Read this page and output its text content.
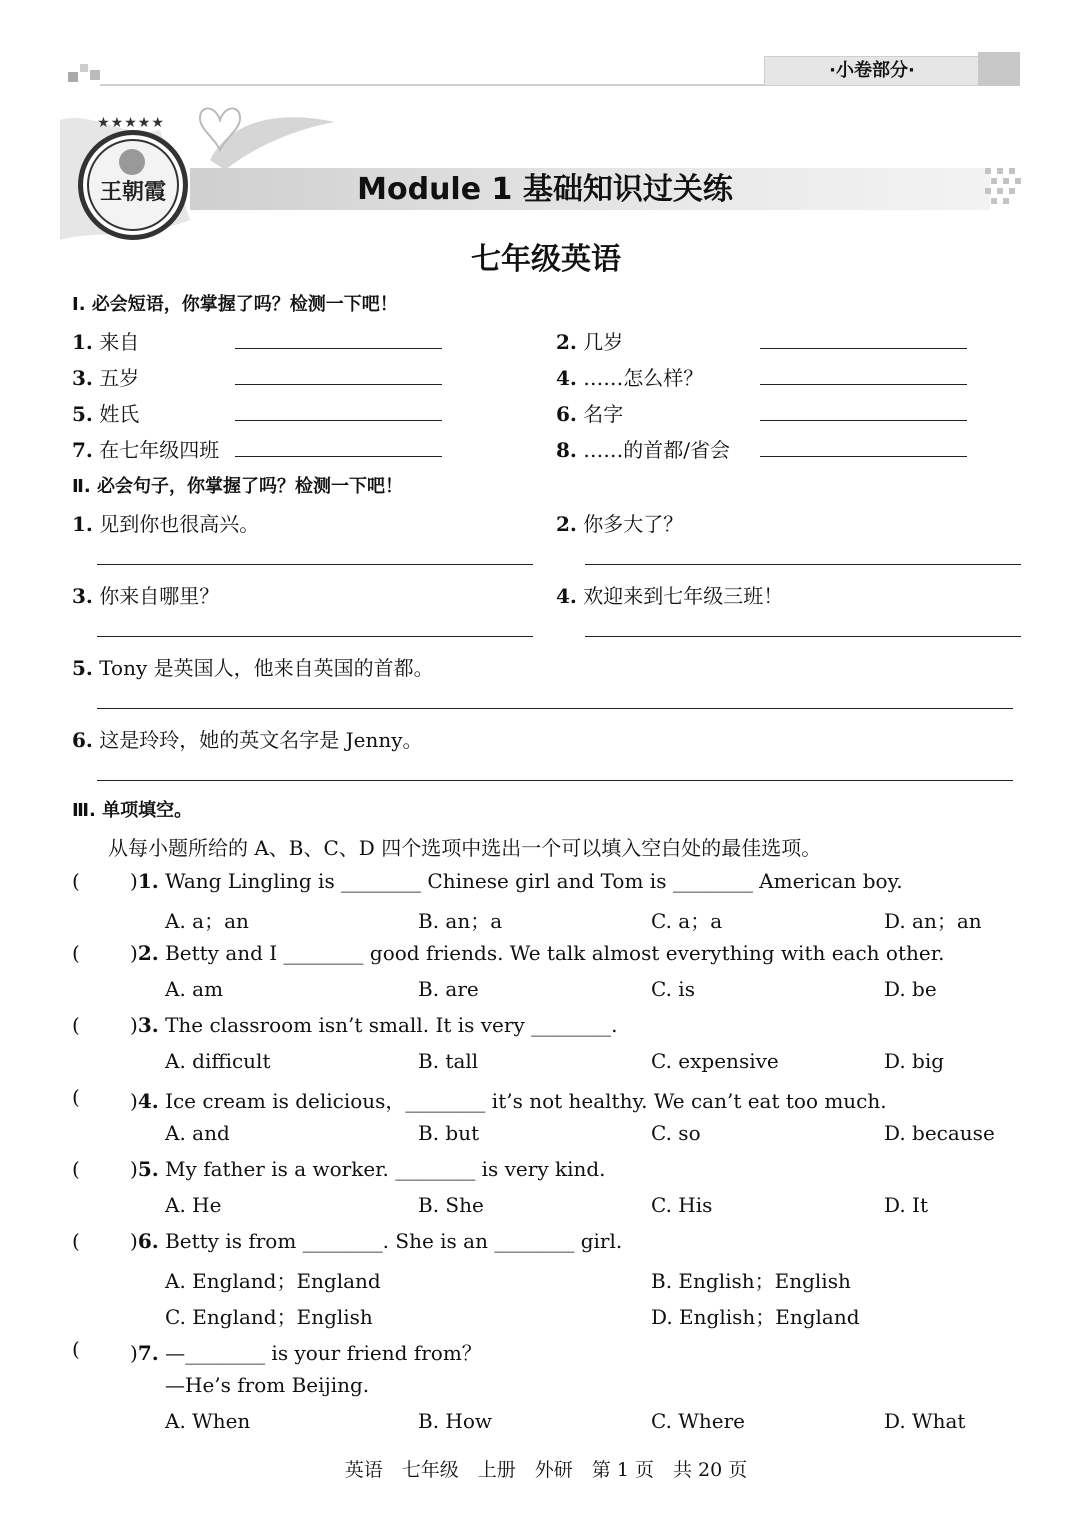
·小卷部分·
王朝霞
★★★★★
Module 1 基础知识过关练
七年级英语
Ⅰ. 必会短语，你掌握了吗？检测一下吧！
1. 来自	2. 几岁
3. 五岁	4. ……怎么样？
5. 姓氏	6. 名字
7. 在七年级四班	8. ……的首都/省会
Ⅱ. 必会句子，你掌握了吗？检测一下吧！
1. 见到你也很高兴。	2. 你多大了？
3. 你来自哪里？	4. 欢迎来到七年级三班！
5. Tony 是英国人，他来自英国的首都。
6. 这是玲玲，她的英文名字是 Jenny。
Ⅲ. 单项填空。
从每小题所给的 A、B、C、D 四个选项中选出一个可以填入空白处的最佳选项。
(	)1. Wang Lingling is ________ Chinese girl and Tom is ________ American boy.
A. a；an	B. an；a	C. a；a	D. an；an
(	)2. Betty and I ________ good friends. We talk almost everything with each other.
A. am	B. are	C. is	D. be
(	)3. The classroom isn’t small. It is very ________.
A. difficult	B. tall	C. expensive	D. big
(	)4. Ice cream is delicious，________ it’s not healthy. We can’t eat too much.
A. and	B. but	C. so	D. because
(	)5. My father is a worker. ________ is very kind.
A. He	B. She	C. His	D. It
(	)6. Betty is from ________. She is an ________ girl.
A. England；England	B. English；English
C. England；English	D. English；England
(	)7. —________ is your friend from？
—He’s from Beijing.
A. When	B. How	C. Where	D. What
英语　七年级　上册　外研　第 1 页　共 20 页
